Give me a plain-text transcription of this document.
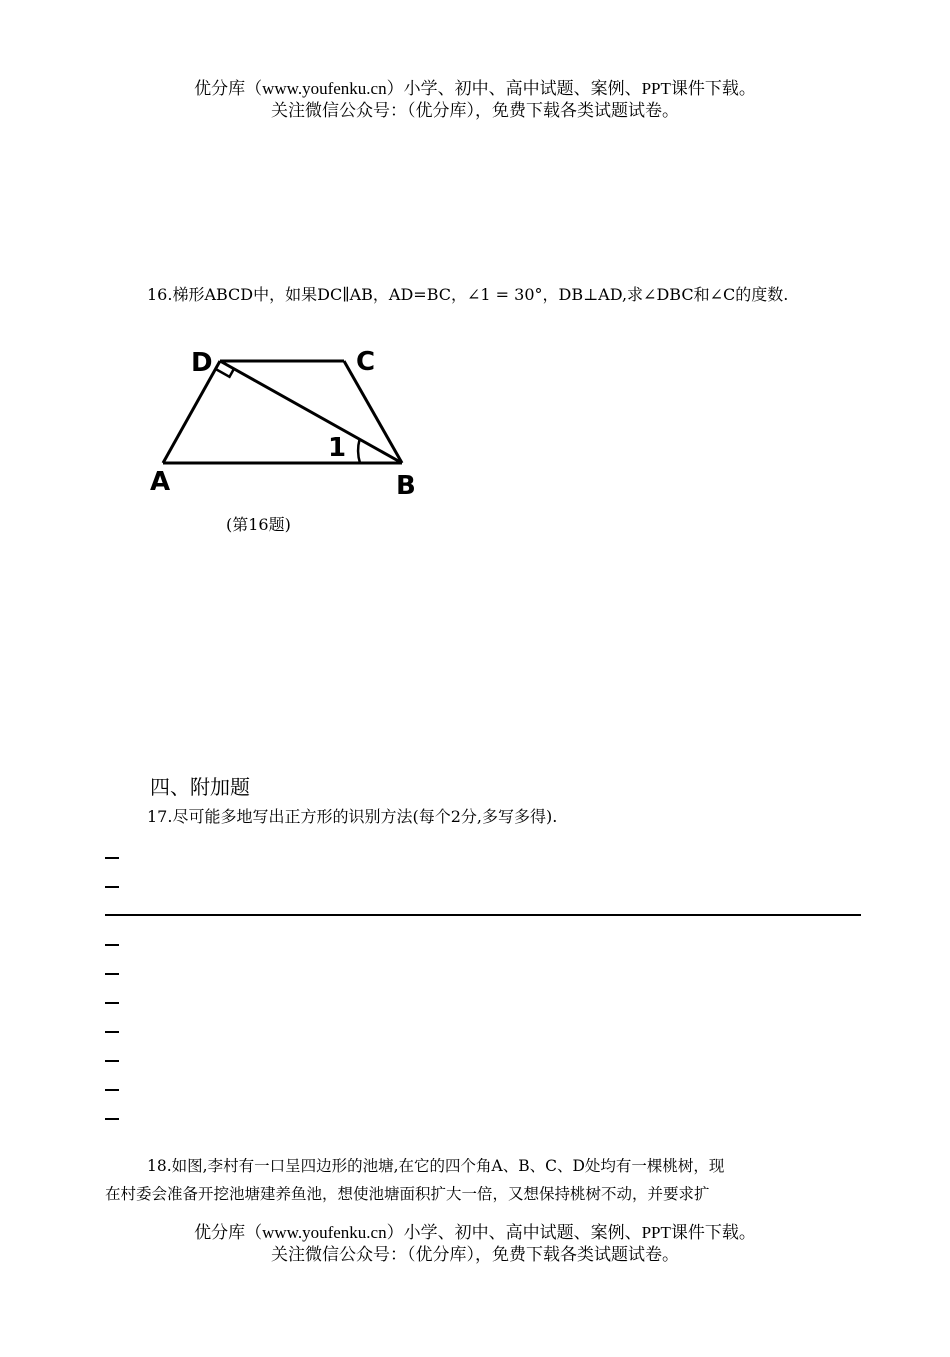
优分库（www.youfenku.cn）小学、初中、高中试题、案例、PPT课件下载。

关注微信公众号：（优分库），免费下载各类试题试卷。

16.梯形ABCD中，如果DC∥AB，AD=BC，∠1 = 30°，DB⊥AD,求∠DBC和∠C的度数.

1
A	B
C
D

(第16题)

四、附加题

17.尽可能多地写出正方形的识别方法(每个2分,多写多得).

18.如图,李村有一口呈四边形的池塘,在它的四个角A、B、C、D处均有一棵桃树，现

在村委会准备开挖池塘建养鱼池，想使池塘面积扩大一倍，又想保持桃树不动，并要求扩

优分库（www.youfenku.cn）小学、初中、高中试题、案例、PPT课件下载。

关注微信公众号：（优分库），免费下载各类试题试卷。
